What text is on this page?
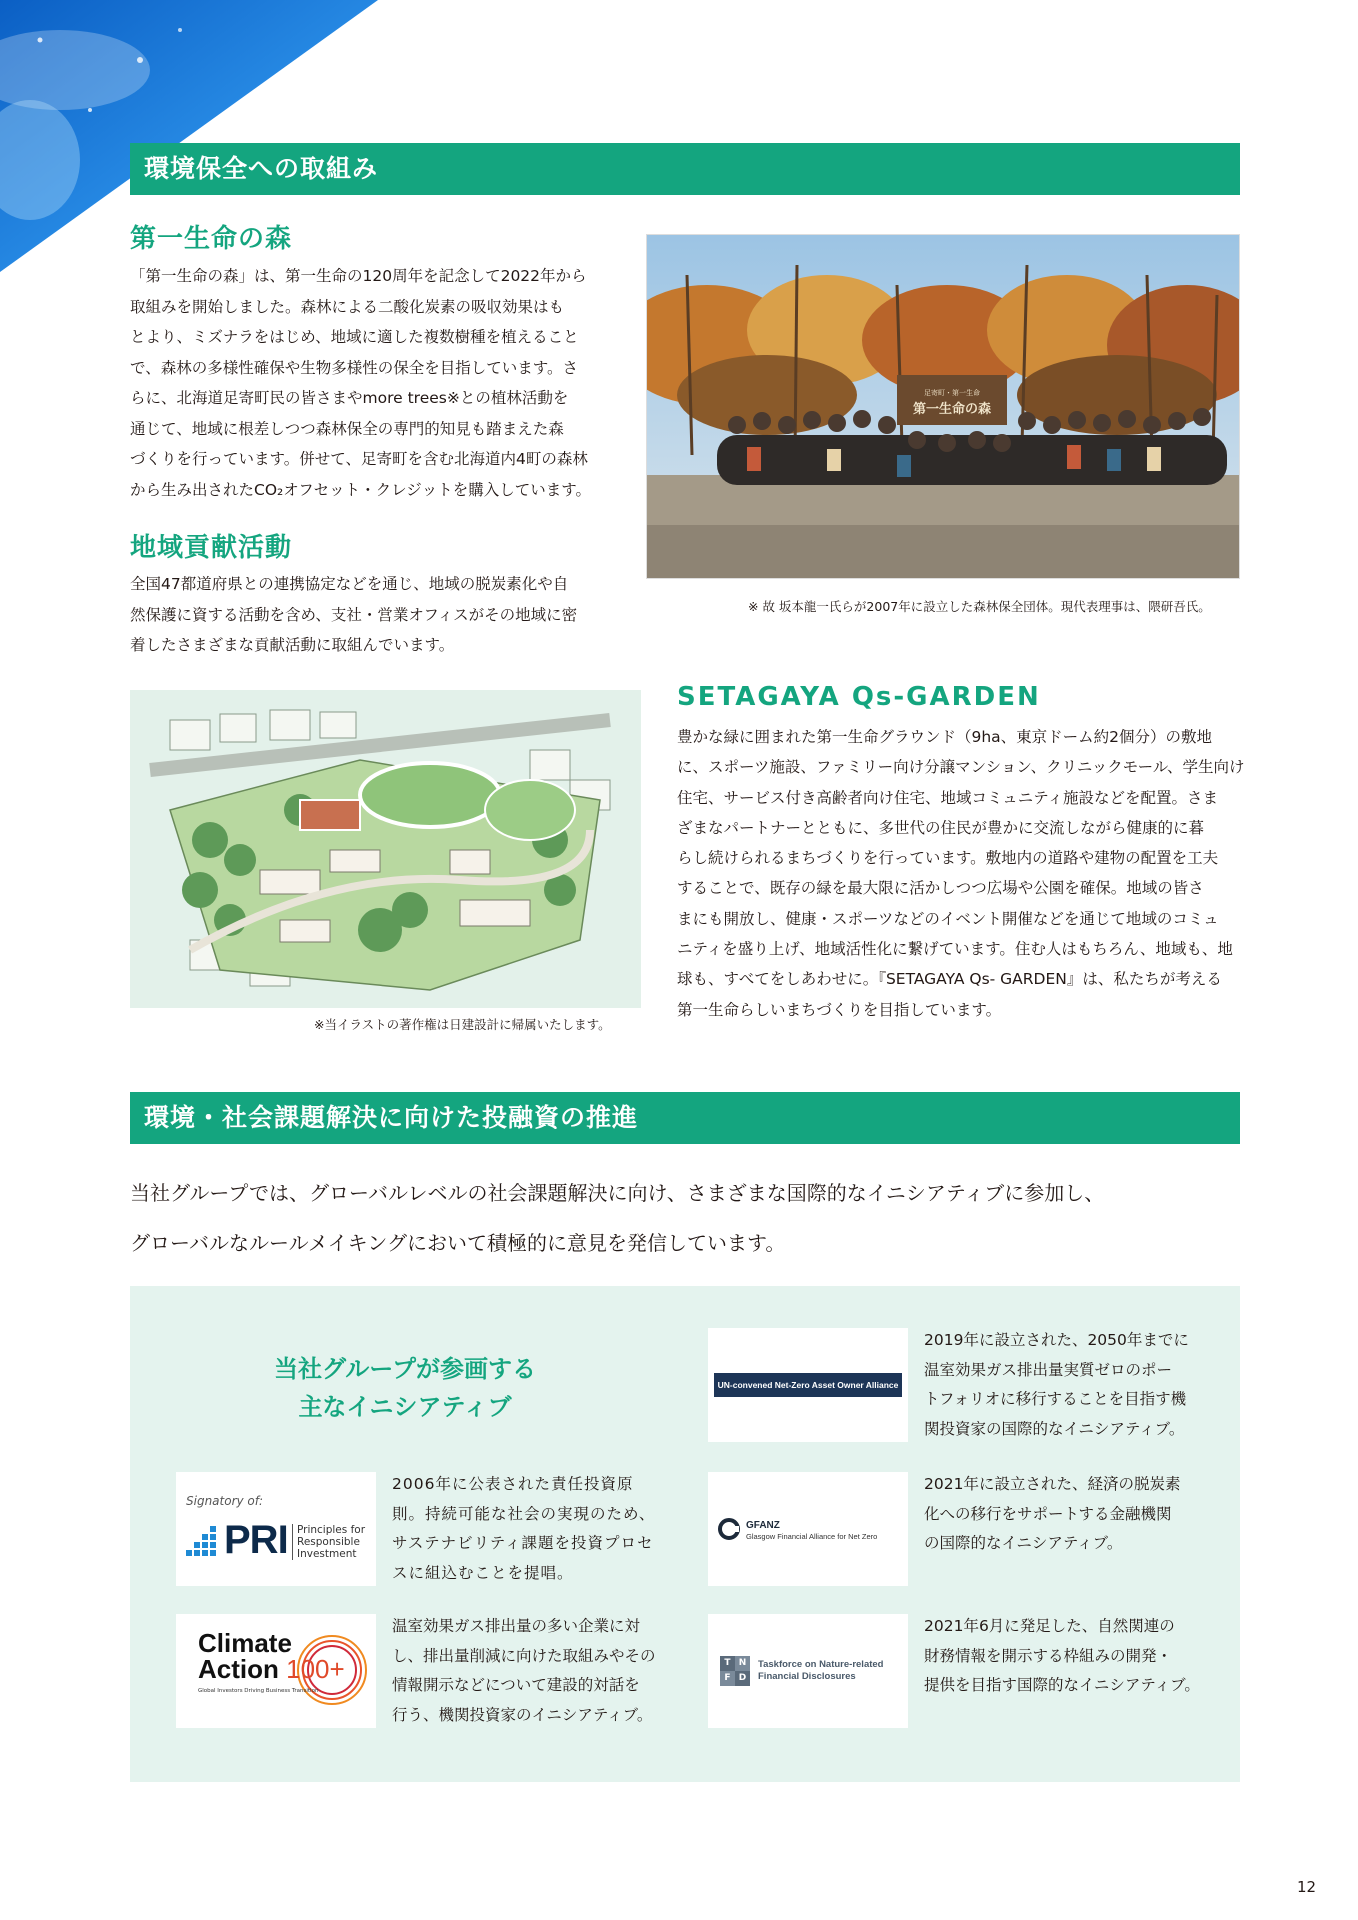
環境保全への取組み
第一生命の森
「第一生命の森」は、第一生命の120周年を記念して2022年から
取組みを開始しました。森林による二酸化炭素の吸収効果はも
とより、ミズナラをはじめ、地域に適した複数樹種を植えること
で、森林の多様性確保や生物多様性の保全を目指しています。さ
らに、北海道足寄町民の皆さまやmore trees※との植林活動を
通じて、地域に根差しつつ森林保全の専門的知見も踏まえた森
づくりを行っています。併せて、足寄町を含む北海道内4町の森林
から生み出されたCO₂オフセット・クレジットを購入しています。
足寄町・第一生命
第一生命の森
※ 故 坂本龍一氏らが2007年に設立した森林保全団体。現代表理事は、隈研吾氏。
地域貢献活動
全国47都道府県との連携協定などを通じ、地域の脱炭素化や自
然保護に資する活動を含め、支社・営業オフィスがその地域に密
着したさまざまな貢献活動に取組んでいます。
※当イラストの著作権は日建設計に帰属いたします。
SETAGAYA Qs-GARDEN
豊かな緑に囲まれた第一生命グラウンド（9ha、東京ドーム約2個分）の敷地
に、スポーツ施設、ファミリー向け分譲マンション、クリニックモール、学生向け
住宅、サービス付き高齢者向け住宅、地域コミュニティ施設などを配置。さま
ざまなパートナーとともに、多世代の住民が豊かに交流しながら健康的に暮
らし続けられるまちづくりを行っています。敷地内の道路や建物の配置を工夫
することで、既存の緑を最大限に活かしつつ広場や公園を確保。地域の皆さ
まにも開放し、健康・スポーツなどのイベント開催などを通じて地域のコミュ
ニティを盛り上げ、地域活性化に繋げています。住む人はもちろん、地域も、地
球も、すべてをしあわせに。『SETAGAYA Qs- GARDEN』は、私たちが考える
第一生命らしいまちづくりを目指しています。
環境・社会課題解決に向けた投融資の推進
当社グループでは、グローバルレベルの社会課題解決に向け、さまざまな国際的なイニシアティブに参加し、
グローバルなルールメイキングにおいて積極的に意見を発信しています。
当社グループが参画する
主なイニシアティブ
Signatory of:
PRI Principles for
Responsible
Investment
2006年に公表された責任投資原
則。持続可能な社会の実現のため、
サステナビリティ課題を投資プロセ
スに組込むことを提唱。
Climate
Action 100+
Global Investors Driving Business Transition
温室効果ガス排出量の多い企業に対
し、排出量削減に向けた取組みやその
情報開示などについて建設的対話を
行う、機関投資家のイニシアティブ。
UN-convened Net-Zero Asset Owner Alliance
2019年に設立された、2050年までに
温室効果ガス排出量実質ゼロのポー
トフォリオに移行することを目指す機
関投資家の国際的なイニシアティブ。
GFANZ
Glasgow Financial Alliance for Net Zero
2021年に設立された、経済の脱炭素
化への移行をサポートする金融機関
の国際的なイニシアティブ。
T N
F D
Taskforce on Nature-related
Financial Disclosures
2021年6月に発足した、自然関連の
財務情報を開示する枠組みの開発・
提供を目指す国際的なイニシアティブ。
12
